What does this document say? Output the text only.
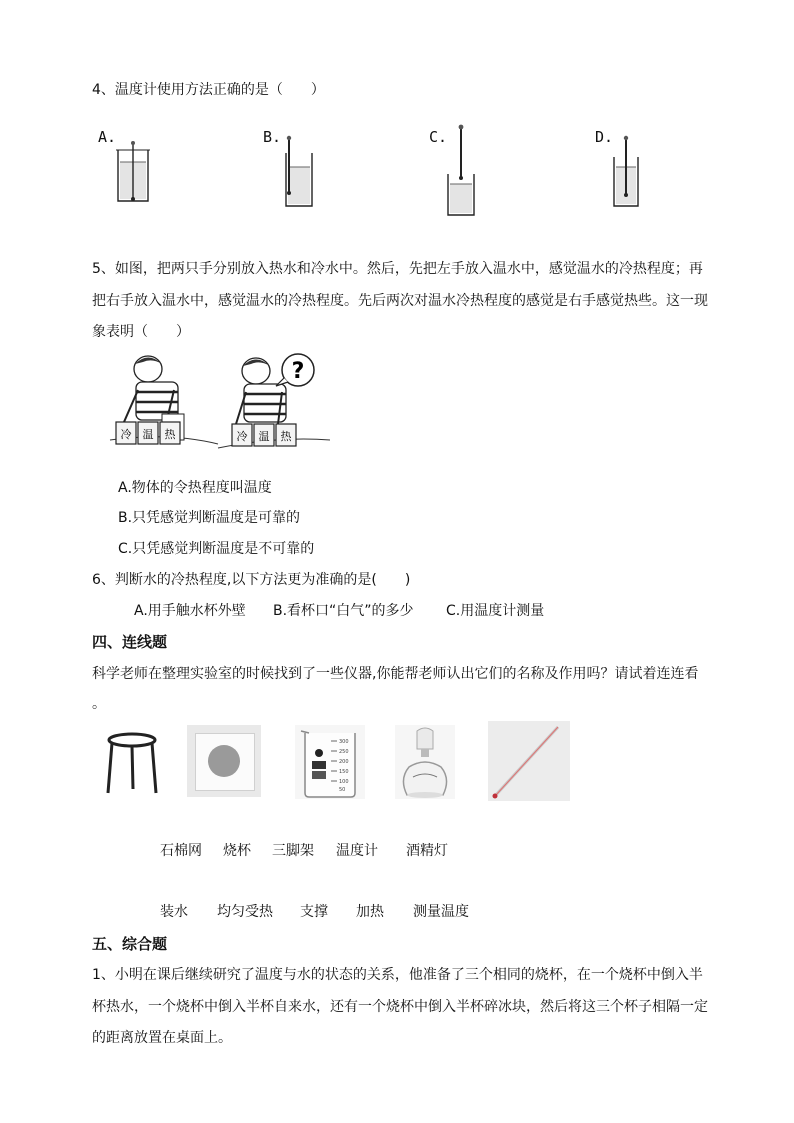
4、温度计使用方法正确的是（　　）
A.	B.	C.	D.
5、如图，把两只手分别放入热水和冷水中。然后，先把左手放入温水中，感觉温水的冷热程度；再
把右手放入温水中，感觉温水的冷热程度。先后两次对温水冷热程度的感觉是右手感觉热些。这一现
象表明（　　）
冷 温 热	冷 温 热
?
A.物体的令热程度叫温度
B.只凭感觉判断温度是可靠的
C.只凭感觉判断温度是不可靠的
6、判断水的冷热程度,以下方法更为准确的是(　　)
A.用手触水杯外壁 B.看杯口“白气”的多少 C.用温度计测量
四、连线题
科学老师在整理实验室的时候找到了一些仪器,你能帮老师认出它们的名称及作用吗？请试着连连看
。
300
250
200
150
100
50
石棉网 烧杯 三脚架 温度计 酒精灯
装水 均匀受热 支撑 加热 测量温度
五、综合题
1、小明在课后继续研究了温度与水的状态的关系，他准备了三个相同的烧杯，在一个烧杯中倒入半
杯热水，一个烧杯中倒入半杯自来水，还有一个烧杯中倒入半杯碎冰块，然后将这三个杯子相隔一定
的距离放置在桌面上。
